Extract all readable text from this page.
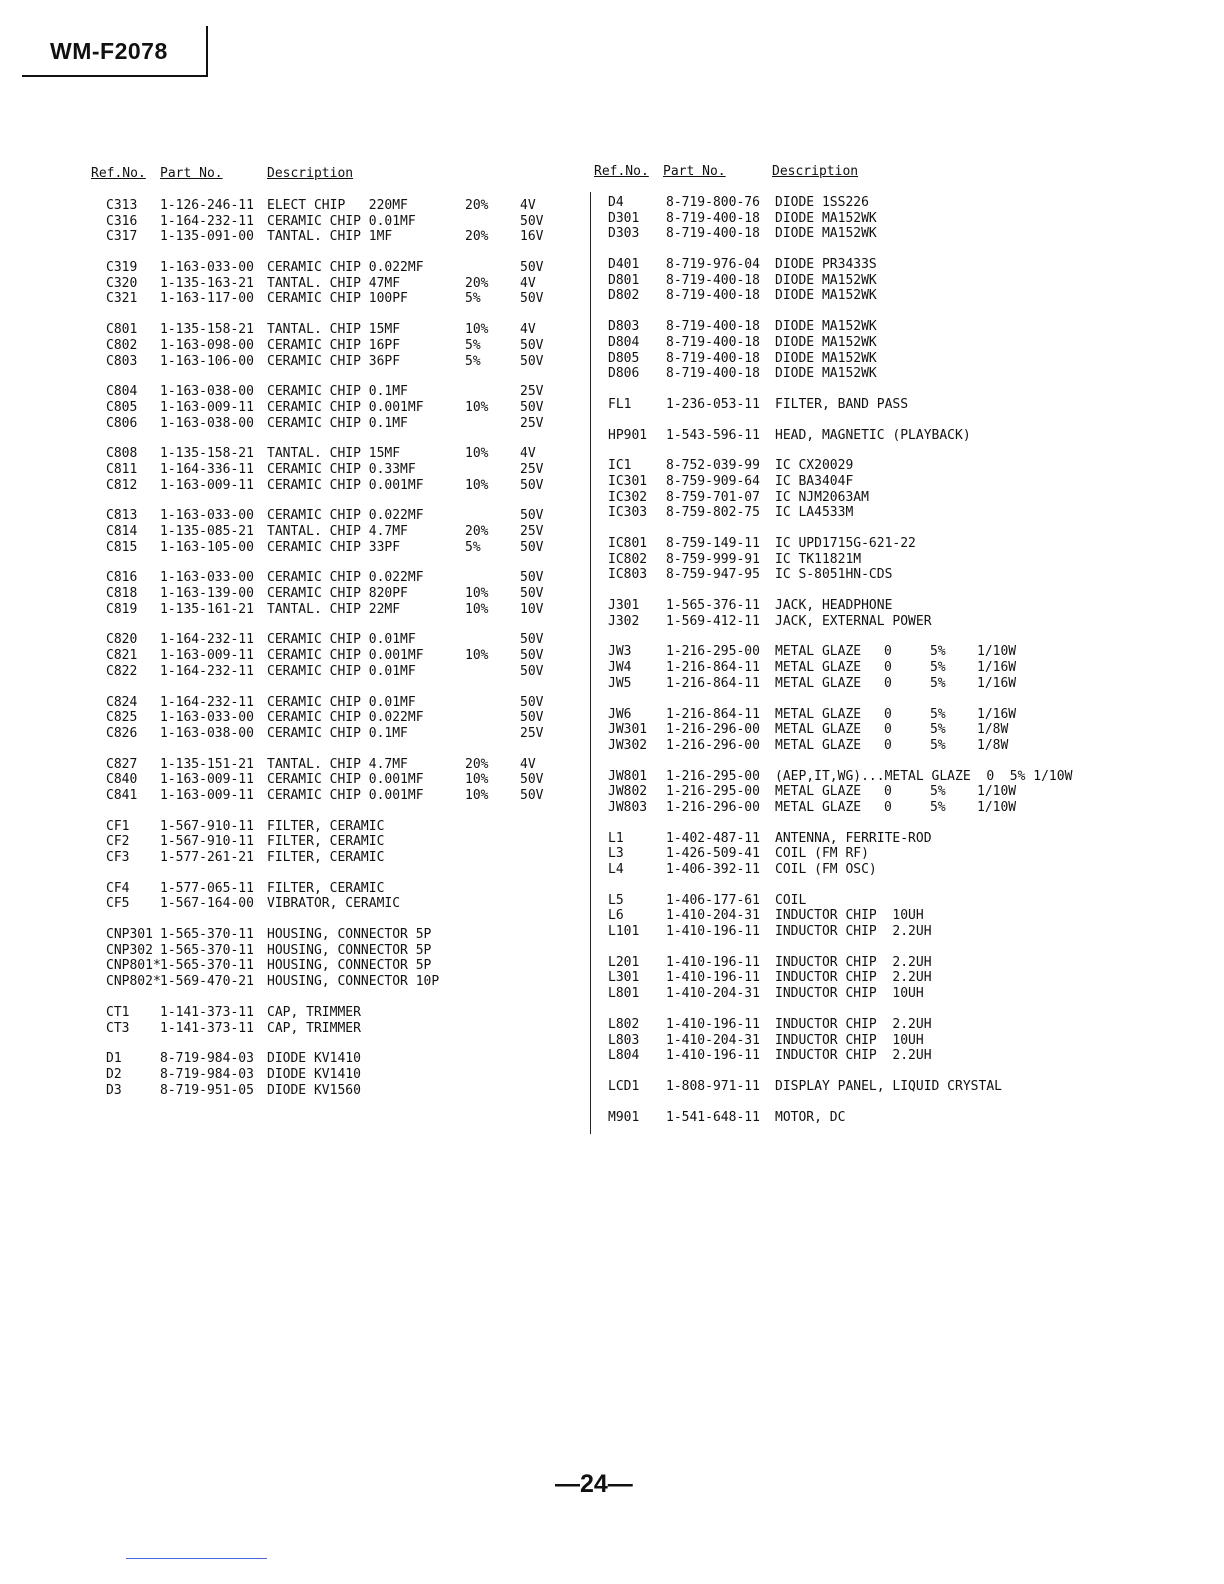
WM-F2078
Ref.No. Part No.	Description
C313 1-126-246-11 ELECT CHIP   220MF	20% 4V
C316 1-164-232-11 CERAMIC CHIP 0.01MF	50V
C317 1-135-091-00 TANTAL. CHIP 1MF	20% 16V
C319 1-163-033-00 CERAMIC CHIP 0.022MF	50V
C320 1-135-163-21 TANTAL. CHIP 47MF	20% 4V
C321 1-163-117-00 CERAMIC CHIP 100PF	5%	50V
C801 1-135-158-21 TANTAL. CHIP 15MF	10% 4V
C802 1-163-098-00 CERAMIC CHIP 16PF	5%	50V
C803 1-163-106-00 CERAMIC CHIP 36PF	5%	50V
C804 1-163-038-00 CERAMIC CHIP 0.1MF	25V
C805 1-163-009-11 CERAMIC CHIP 0.001MF	10% 50V
C806 1-163-038-00 CERAMIC CHIP 0.1MF	25V
C808 1-135-158-21 TANTAL. CHIP 15MF	10% 4V
C811 1-164-336-11 CERAMIC CHIP 0.33MF	25V
C812 1-163-009-11 CERAMIC CHIP 0.001MF	10% 50V
C813 1-163-033-00 CERAMIC CHIP 0.022MF	50V
C814 1-135-085-21 TANTAL. CHIP 4.7MF	20% 25V
C815 1-163-105-00 CERAMIC CHIP 33PF	5%	50V
C816 1-163-033-00 CERAMIC CHIP 0.022MF	50V
C818 1-163-139-00 CERAMIC CHIP 820PF	10% 50V
C819 1-135-161-21 TANTAL. CHIP 22MF	10% 10V
C820 1-164-232-11 CERAMIC CHIP 0.01MF	50V
C821 1-163-009-11 CERAMIC CHIP 0.001MF	10% 50V
C822 1-164-232-11 CERAMIC CHIP 0.01MF	50V
C824 1-164-232-11 CERAMIC CHIP 0.01MF	50V
C825 1-163-033-00 CERAMIC CHIP 0.022MF	50V
C826 1-163-038-00 CERAMIC CHIP 0.1MF	25V
C827 1-135-151-21 TANTAL. CHIP 4.7MF	20% 4V
C840 1-163-009-11 CERAMIC CHIP 0.001MF	10% 50V
C841 1-163-009-11 CERAMIC CHIP 0.001MF	10% 50V
CF1 1-567-910-11 FILTER, CERAMIC
CF2 1-567-910-11 FILTER, CERAMIC
CF3 1-577-261-21 FILTER, CERAMIC
CF4 1-577-065-11 FILTER, CERAMIC
CF5 1-567-164-00 VIBRATOR, CERAMIC
CNP301 1-565-370-11 HOUSING, CONNECTOR 5P
CNP302 1-565-370-11 HOUSING, CONNECTOR 5P
CNP801* 1-565-370-11 HOUSING, CONNECTOR 5P
CNP802* 1-569-470-21 HOUSING, CONNECTOR 10P
CT1 1-141-373-11 CAP, TRIMMER
CT3 1-141-373-11 CAP, TRIMMER
D1	8-719-984-03 DIODE KV1410
D2	8-719-984-03 DIODE KV1410
D3	8-719-951-05 DIODE KV1560
Ref.No. Part No.	Description
D4	8-719-800-76 DIODE 1SS226
D301 8-719-400-18 DIODE MA152WK
D303 8-719-400-18 DIODE MA152WK
D401 8-719-976-04 DIODE PR3433S
D801 8-719-400-18 DIODE MA152WK
D802 8-719-400-18 DIODE MA152WK
D803 8-719-400-18 DIODE MA152WK
D804 8-719-400-18 DIODE MA152WK
D805 8-719-400-18 DIODE MA152WK
D806 8-719-400-18 DIODE MA152WK
FL1	1-236-053-11 FILTER, BAND PASS
HP901 1-543-596-11 HEAD, MAGNETIC (PLAYBACK)
IC1	8-752-039-99 IC CX20029
IC301 8-759-909-64 IC BA3404F
IC302 8-759-701-07 IC NJM2063AM
IC303 8-759-802-75 IC LA4533M
IC801 8-759-149-11 IC UPD1715G-621-22
IC802 8-759-999-91 IC TK11821M
IC803 8-759-947-95 IC S-8051HN-CDS
J301 1-565-376-11 JACK, HEADPHONE
J302 1-569-412-11 JACK, EXTERNAL POWER
JW3	1-216-295-00 METAL GLAZE 0	5% 1/10W
JW4	1-216-864-11 METAL GLAZE 0	5% 1/16W
JW5	1-216-864-11 METAL GLAZE 0	5% 1/16W
JW6	1-216-864-11 METAL GLAZE 0	5% 1/16W
JW301 1-216-296-00 METAL GLAZE 0	5% 1/8W
JW302 1-216-296-00 METAL GLAZE 0	5% 1/8W
JW801 1-216-295-00 (AEP,IT,WG)...METAL GLAZE  0  5% 1/10W
JW802 1-216-295-00 METAL GLAZE 0	5% 1/10W
JW803 1-216-296-00 METAL GLAZE 0	5% 1/10W
L1	1-402-487-11 ANTENNA, FERRITE-ROD
L3	1-426-509-41 COIL (FM RF)
L4	1-406-392-11 COIL (FM OSC)
L5	1-406-177-61 COIL
L6	1-410-204-31 INDUCTOR CHIP  10UH
L101 1-410-196-11 INDUCTOR CHIP  2.2UH
L201 1-410-196-11 INDUCTOR CHIP  2.2UH
L301 1-410-196-11 INDUCTOR CHIP  2.2UH
L801 1-410-204-31 INDUCTOR CHIP  10UH
L802 1-410-196-11 INDUCTOR CHIP  2.2UH
L803 1-410-204-31 INDUCTOR CHIP  10UH
L804 1-410-196-11 INDUCTOR CHIP  2.2UH
LCD1 1-808-971-11 DISPLAY PANEL, LIQUID CRYSTAL
M901 1-541-648-11 MOTOR, DC
—24—
